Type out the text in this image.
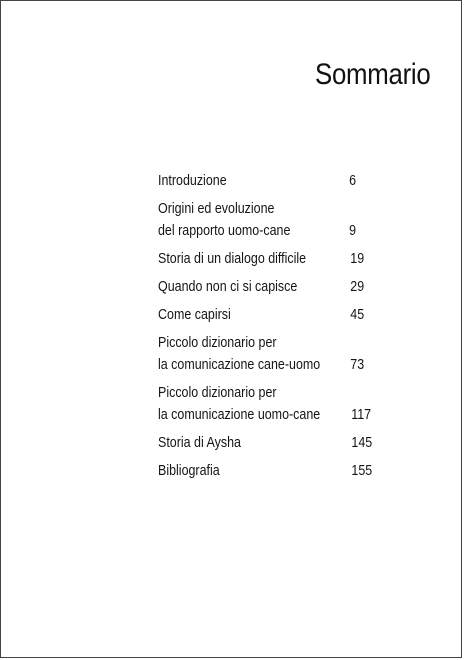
Sommario
Introduzione	6
Origini ed evoluzione
del rapporto uomo-cane	9
Storia di un dialogo difficile	19
Quando non ci si capisce	29
Come capirsi	45
Piccolo dizionario per
la comunicazione cane-uomo 73
Piccolo dizionario per
la comunicazione uomo-cane 117
Storia di Aysha	145
Bibliografia	155
